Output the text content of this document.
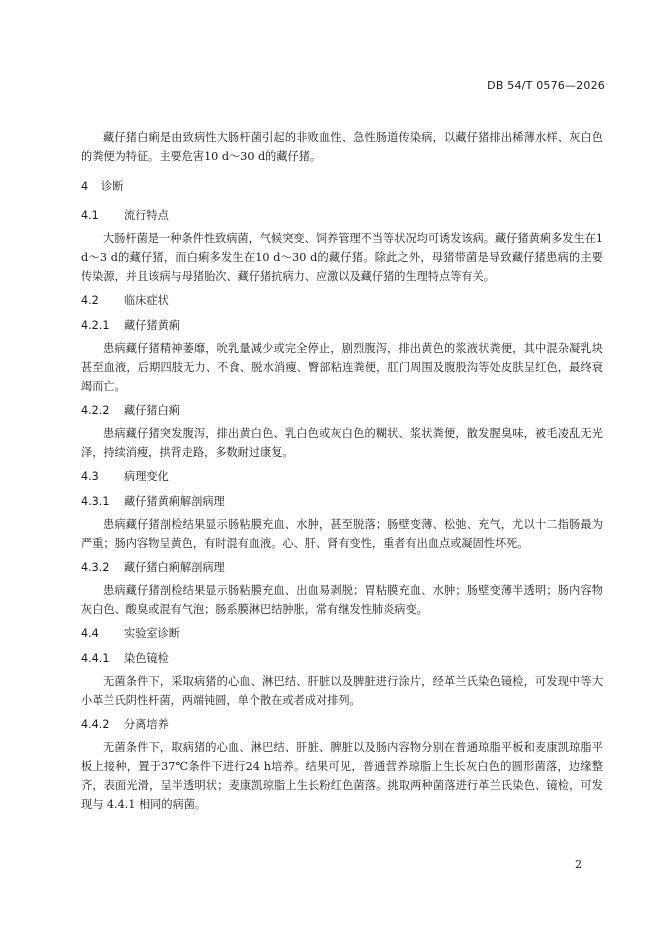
DB 54/T 0576—2026

藏仔猪白痢是由致病性大肠杆菌引起的非败血性、急性肠道传染病，以藏仔猪排出稀薄水样、灰白色的粪便为特征。主要危害10 d～30 d的藏仔猪。

4 诊断
4.1 流行特点

大肠杆菌是一种条件性致病菌，气候突变、饲养管理不当等状况均可诱发该病。藏仔猪黄痢多发生在1 d～3 d的藏仔猪，而白痢多发生在10 d～30 d的藏仔猪。除此之外，母猪带菌是导致藏仔猪患病的主要传染源，并且该病与母猪胎次、藏仔猪抗病力、应激以及藏仔猪的生理特点等有关。

4.2 临床症状
4.2.1 藏仔猪黄痢

患病藏仔猪精神萎靡，吮乳量减少或完全停止，剧烈腹泻，排出黄色的浆液状粪便，其中混杂凝乳块甚至血液，后期四肢无力、不食、脱水消瘦、臀部粘连粪便，肛门周围及腹股沟等处皮肤呈红色，最终衰竭而亡。

4.2.2 藏仔猪白痢

患病藏仔猪突发腹泻，排出黄白色、乳白色或灰白色的糊状、浆状粪便，散发腥臭味，被毛凌乱无光泽，持续消瘦，拱背走路，多数耐过康复。

4.3 病理变化
4.3.1 藏仔猪黄痢解剖病理

患病藏仔猪剖检结果显示肠粘膜充血、水肿，甚至脱落；肠壁变薄、松弛、充气，尤以十二指肠最为严重；肠内容物呈黄色，有时混有血液。心、肝、肾有变性，重者有出血点或凝固性坏死。

4.3.2 藏仔猪白痢解剖病理

患病藏仔猪剖检结果显示肠粘膜充血、出血易剥脱；胃粘膜充血、水肿；肠壁变薄半透明；肠内容物灰白色、酸臭或混有气泡；肠系膜淋巴结肿胀，常有继发性肺炎病变。

4.4 实验室诊断
4.4.1 染色镜检

无菌条件下，采取病猪的心血、淋巴结、肝脏以及脾脏进行涂片，经革兰氏染色镜检，可发现中等大小革兰氏阴性杆菌，两端钝圆，单个散在或者成对排列。

4.4.2 分离培养

无菌条件下，取病猪的心血、淋巴结、肝脏、脾脏以及肠内容物分别在普通琼脂平板和麦康凯琼脂平板上接种，置于37℃条件下进行24 h培养。结果可见，普通营养琼脂上生长灰白色的圆形菌落，边缘整齐，表面光滑，呈半透明状；麦康凯琼脂上生长粉红色菌落。挑取两种菌落进行革兰氏染色、镜检，可发现与 4.4.1 相同的病菌。

2
